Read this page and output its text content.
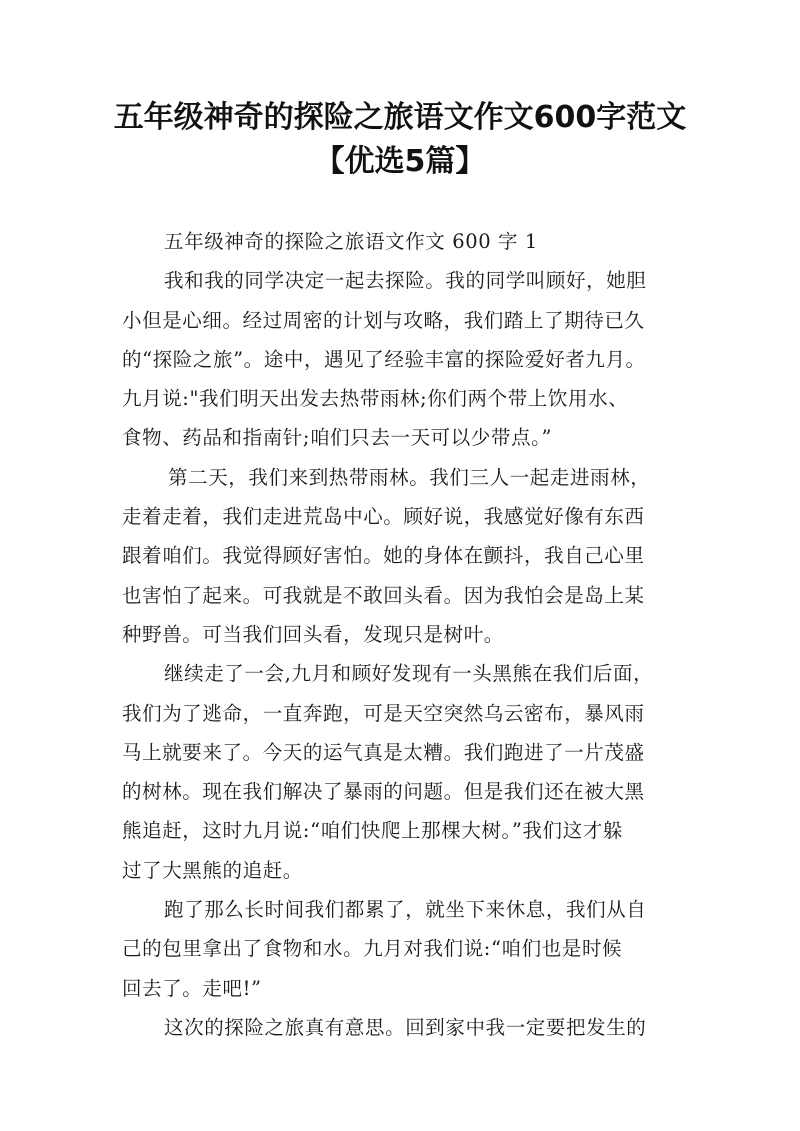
五年级神奇的探险之旅语文作文600字范文
【优选5篇】
五年级神奇的探险之旅语文作文 600 字 1
我和我的同学决定一起去探险。我的同学叫顾好，她胆
小但是心细。经过周密的计划与攻略，我们踏上了期待已久
的“探险之旅”。途中，遇见了经验丰富的探险爱好者九月。
九月说:"我们明天出发去热带雨林;你们两个带上饮用水、
食物、药品和指南针;咱们只去一天可以少带点。”
第二天，我们来到热带雨林。我们三人一起走进雨林，
走着走着，我们走进荒岛中心。顾好说，我感觉好像有东西
跟着咱们。我觉得顾好害怕。她的身体在颤抖，我自己心里
也害怕了起来。可我就是不敢回头看。因为我怕会是岛上某
种野兽。可当我们回头看，发现只是树叶。
继续走了一会,九月和顾好发现有一头黑熊在我们后面，
我们为了逃命，一直奔跑，可是天空突然乌云密布，暴风雨
马上就要来了。今天的运气真是太糟。我们跑进了一片茂盛
的树林。现在我们解决了暴雨的问题。但是我们还在被大黑
熊追赶，这时九月说:“咱们快爬上那棵大树。”我们这才躲
过了大黑熊的追赶。
跑了那么长时间我们都累了，就坐下来休息，我们从自
己的包里拿出了食物和水。九月对我们说:“咱们也是时候
回去了。走吧!”
这次的探险之旅真有意思。回到家中我一定要把发生的
